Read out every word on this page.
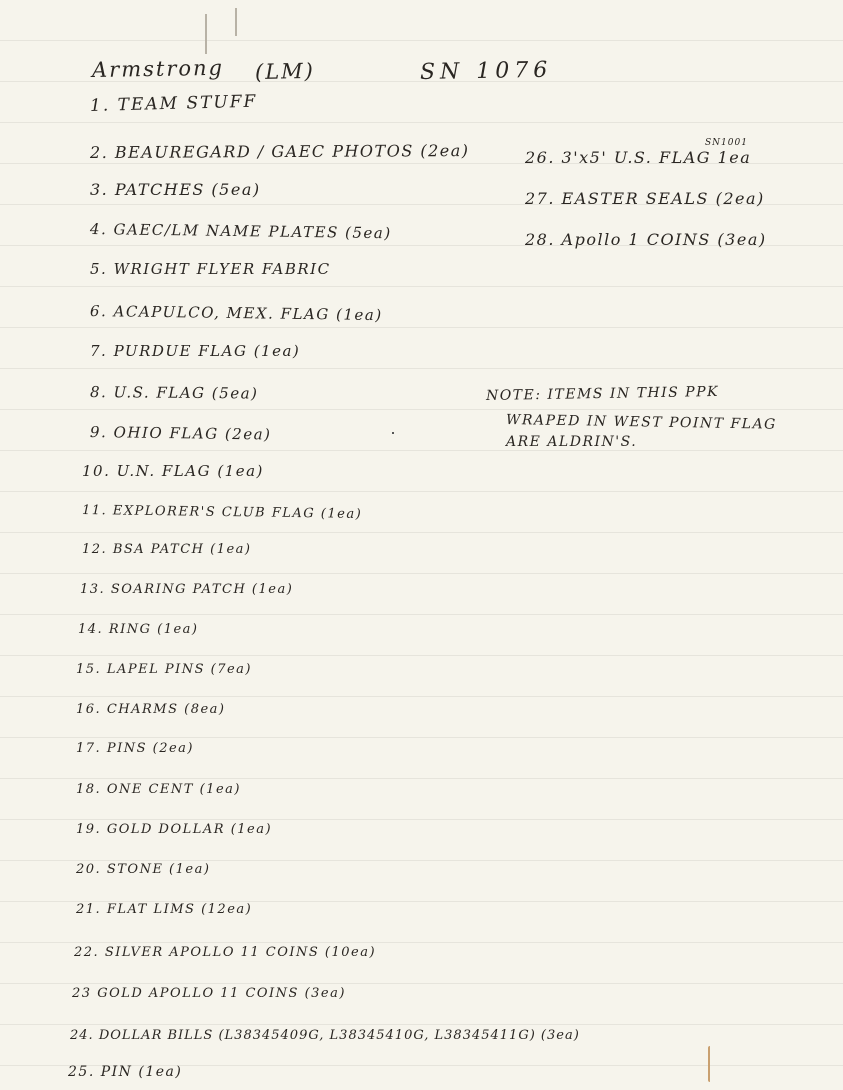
Armstrong (LM)	SN 1076
1. TEAM STUFF
2. BEAUREGARD / GAEC PHOTOS (2ea)
3. PATCHES (5ea)
4. GAEC/LM NAME PLATES (5ea)
5. WRIGHT FLYER FABRIC
6. ACAPULCO, MEX. FLAG (1ea)
7. PURDUE FLAG (1ea)
8. U.S. FLAG (5ea)
9. OHIO FLAG (2ea)
10. U.N. FLAG (1ea)
11. EXPLORER'S CLUB FLAG (1ea)
12. BSA PATCH (1ea)
13. SOARING PATCH (1ea)
14. RING (1ea)
15. LAPEL PINS (7ea)
16. CHARMS (8ea)
17. PINS (2ea)
18. ONE CENT (1ea)
19. GOLD DOLLAR (1ea)
20. STONE (1ea)
21. FLAT LIMS (12ea)
22. SILVER APOLLO 11 COINS (10ea)
23 GOLD APOLLO 11 COINS (3ea)
24. DOLLAR BILLS (L38345409G, L38345410G, L38345411G) (3ea)
25. PIN (1ea)
SN1001
26. 3'x5' U.S. FLAG 1ea
27. EASTER SEALS (2ea)
28. Apollo 1 COINS (3ea)
NOTE: ITEMS IN THIS PPK
WRAPED IN WEST POINT FLAG
ARE ALDRIN'S.
